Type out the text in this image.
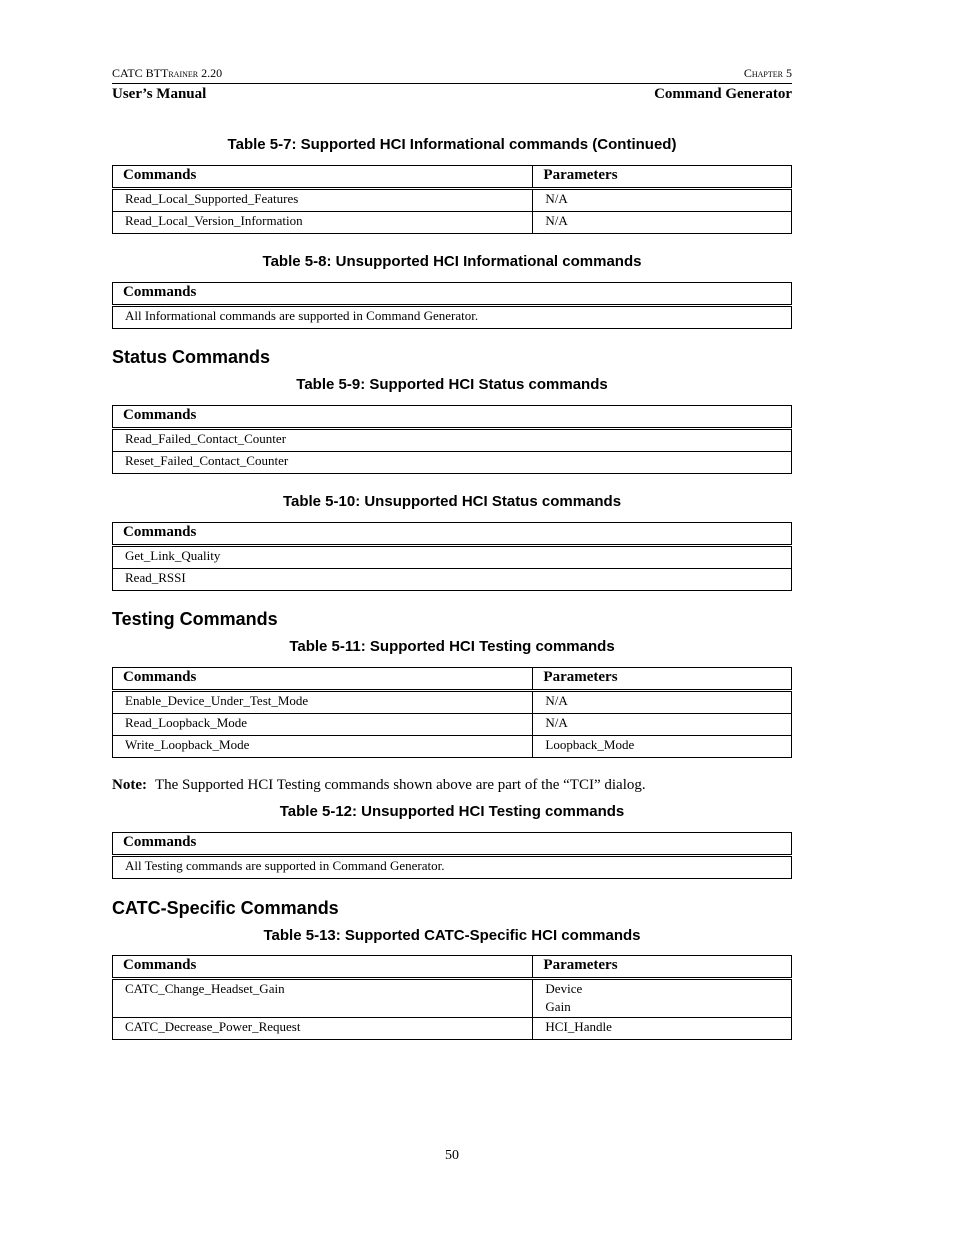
CATC BTTrainer 2.20	Chapter 5
User’s Manual	Command Generator
Table 5-7: Supported HCI Informational commands (Continued)
Commands	Parameters
Read_Local_Supported_Features	N/A
Read_Local_Version_Information	N/A
Table 5-8: Unsupported HCI Informational commands
Commands
All Informational commands are supported in Command Generator.
Status Commands
Table 5-9: Supported HCI Status commands
Commands
Read_Failed_Contact_Counter
Reset_Failed_Contact_Counter
Table 5-10: Unsupported HCI Status commands
Commands
Get_Link_Quality
Read_RSSI
Testing Commands
Table 5-11: Supported HCI Testing commands
Commands	Parameters
Enable_Device_Under_Test_Mode	N/A
Read_Loopback_Mode	N/A
Write_Loopback_Mode	Loopback_Mode
Note: The Supported HCI Testing commands shown above are part of the “TCI” dialog.
Table 5-12: Unsupported HCI Testing commands
Commands
All Testing commands are supported in Command Generator.
CATC-Specific Commands
Table 5-13: Supported CATC-Specific HCI commands
Commands	Parameters
CATC_Change_Headset_Gain	Device
Gain

CATC_Decrease_Power_Request	HCI_Handle
50
